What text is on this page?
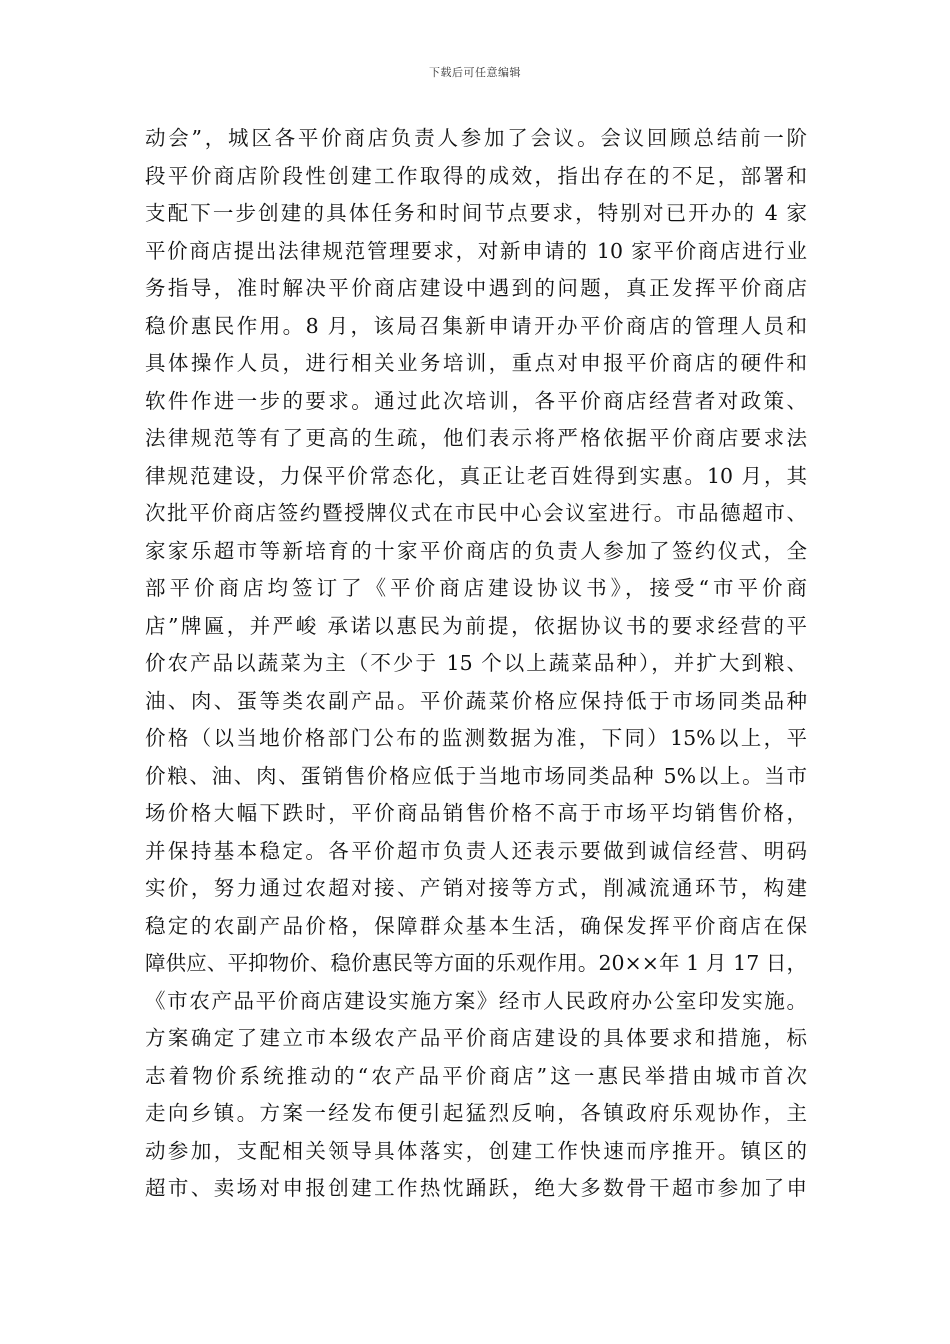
下载后可任意编辑
动会”，城区各平价商店负责人参加了会议。会议回顾总结前一阶
段平价商店阶段性创建工作取得的成效，指出存在的不足，部署和
支配下一步创建的具体任务和时间节点要求，特别对已开办的 4 家
平价商店提出法律规范管理要求，对新申请的 10 家平价商店进行业
务指导，准时解决平价商店建设中遇到的问题，真正发挥平价商店
稳价惠民作用。8 月，该局召集新申请开办平价商店的管理人员和
具体操作人员，进行相关业务培训，重点对申报平价商店的硬件和
软件作进一步的要求。通过此次培训，各平价商店经营者对政策、
法律规范等有了更高的生疏，他们表示将严格依据平价商店要求法
律规范建设，力保平价常态化，真正让老百姓得到实惠。10 月，其
次批平价商店签约暨授牌仪式在市民中心会议室进行。市品德超市、
家家乐超市等新培育的十家平价商店的负责人参加了签约仪式，全
部平价商店均签订了《平价商店建设协议书》，接受“市平价商
店”牌匾，并严峻 承诺以惠民为前提，依据协议书的要求经营的平
价农产品以蔬菜为主（不少于 15 个以上蔬菜品种），并扩大到粮、
油、肉、蛋等类农副产品。平价蔬菜价格应保持低于市场同类品种
价格（以当地价格部门公布的监测数据为准，下同）15%以上，平
价粮、油、肉、蛋销售价格应低于当地市场同类品种 5%以上。当市
场价格大幅下跌时，平价商品销售价格不高于市场平均销售价格，
并保持基本稳定。各平价超市负责人还表示要做到诚信经营、明码
实价，努力通过农超对接、产销对接等方式，削减流通环节，构建
稳定的农副产品价格，保障群众基本生活，确保发挥平价商店在保
障供应、平抑物价、稳价惠民等方面的乐观作用。20××年 1 月 17 日，
《市农产品平价商店建设实施方案》经市人民政府办公室印发实施。
方案确定了建立市本级农产品平价商店建设的具体要求和措施，标
志着物价系统推动的“农产品平价商店”这一惠民举措由城市首次
走向乡镇。方案一经发布便引起猛烈反响，各镇政府乐观协作，主
动参加，支配相关领导具体落实，创建工作快速而序推开。镇区的
超市、卖场对申报创建工作热忱踊跃，绝大多数骨干超市参加了申
